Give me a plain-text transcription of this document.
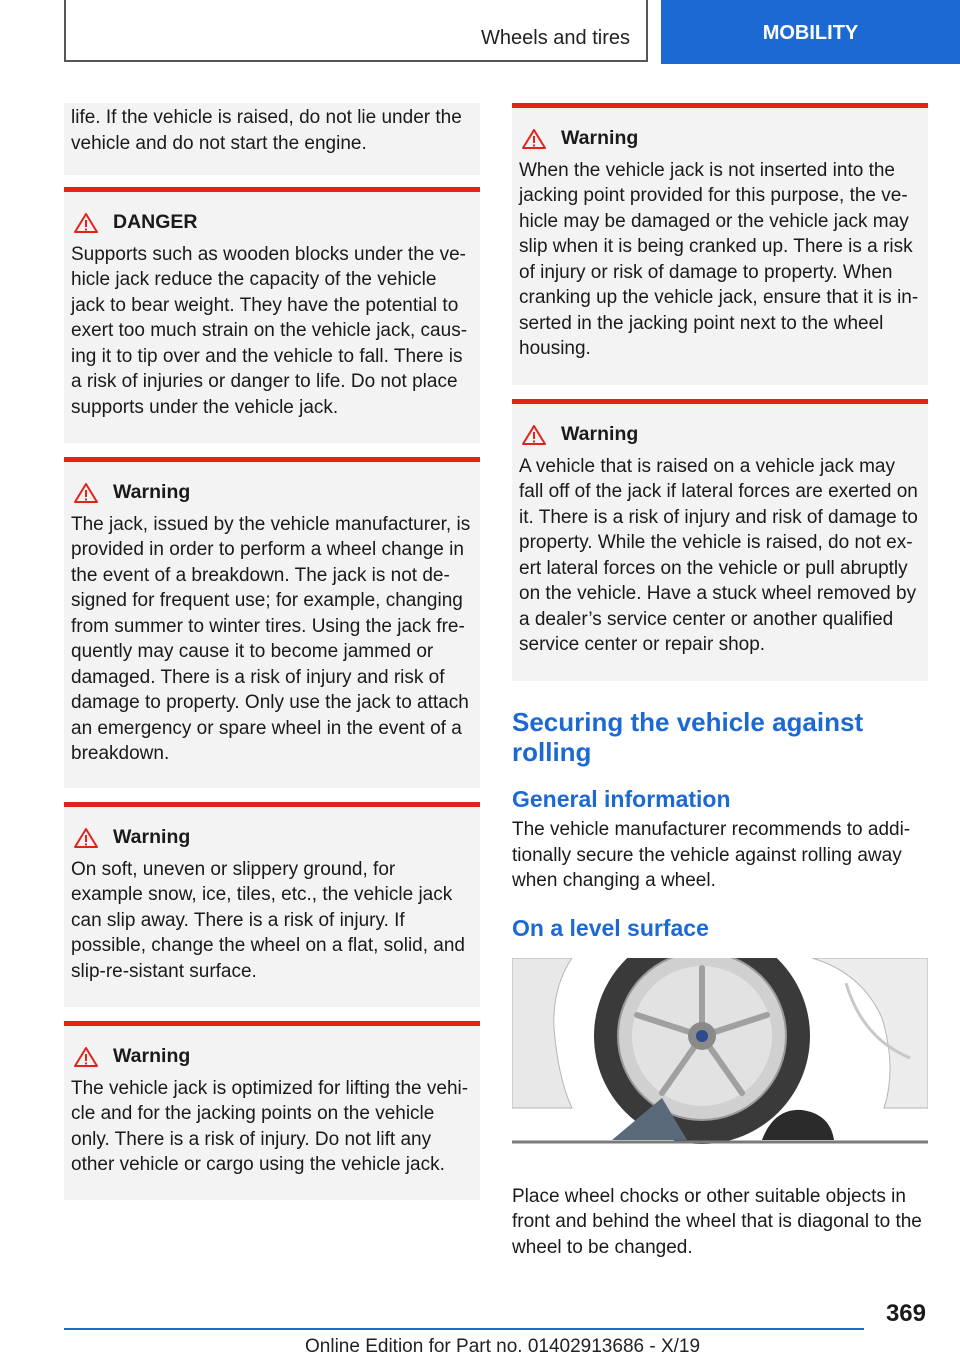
Wheels and tires	MOBILITY

life. If the vehicle is raised, do not lie under the vehicle and do not start the engine.

DANGER

Supports such as wooden blocks under the ve‐hicle jack reduce the capacity of the vehicle jack to bear weight. They have the potential to exert too much strain on the vehicle jack, caus‐ing it to tip over and the vehicle to fall. There is a risk of injuries or danger to life. Do not place supports under the vehicle jack.

Warning

The jack, issued by the vehicle manufacturer, is provided in order to perform a wheel change in the event of a breakdown. The jack is not de‐signed for frequent use; for example, changing from summer to winter tires. Using the jack fre‐quently may cause it to become jammed or damaged. There is a risk of injury and risk of damage to property. Only use the jack to attach an emergency or spare wheel in the event of a breakdown.

Warning

On soft, uneven or slippery ground, for example snow, ice, tiles, etc., the vehicle jack can slip away. There is a risk of injury. If possible, change the wheel on a flat, solid, and slip-re‐sistant surface.

Warning

The vehicle jack is optimized for lifting the vehi‐cle and for the jacking points on the vehicle only. There is a risk of injury. Do not lift any other vehicle or cargo using the vehicle jack.

Warning

When the vehicle jack is not inserted into the jacking point provided for this purpose, the ve‐hicle may be damaged or the vehicle jack may slip when it is being cranked up. There is a risk of injury or risk of damage to property. When cranking up the vehicle jack, ensure that it is in‐serted in the jacking point next to the wheel housing.

Warning

A vehicle that is raised on a vehicle jack may fall off of the jack if lateral forces are exerted on it. There is a risk of injury and risk of damage to property. While the vehicle is raised, do not ex‐ert lateral forces on the vehicle or pull abruptly on the vehicle. Have a stuck wheel removed by a dealer’s service center or another qualified service center or repair shop.

Securing the vehicle against rolling
General information

The vehicle manufacturer recommends to addi‐tionally secure the vehicle against rolling away when changing a wheel.

On a level surface

Place wheel chocks or other suitable objects in front and behind the wheel that is diagonal to the wheel to be changed.

369
Online Edition for Part no. 01402913686 - X/19
